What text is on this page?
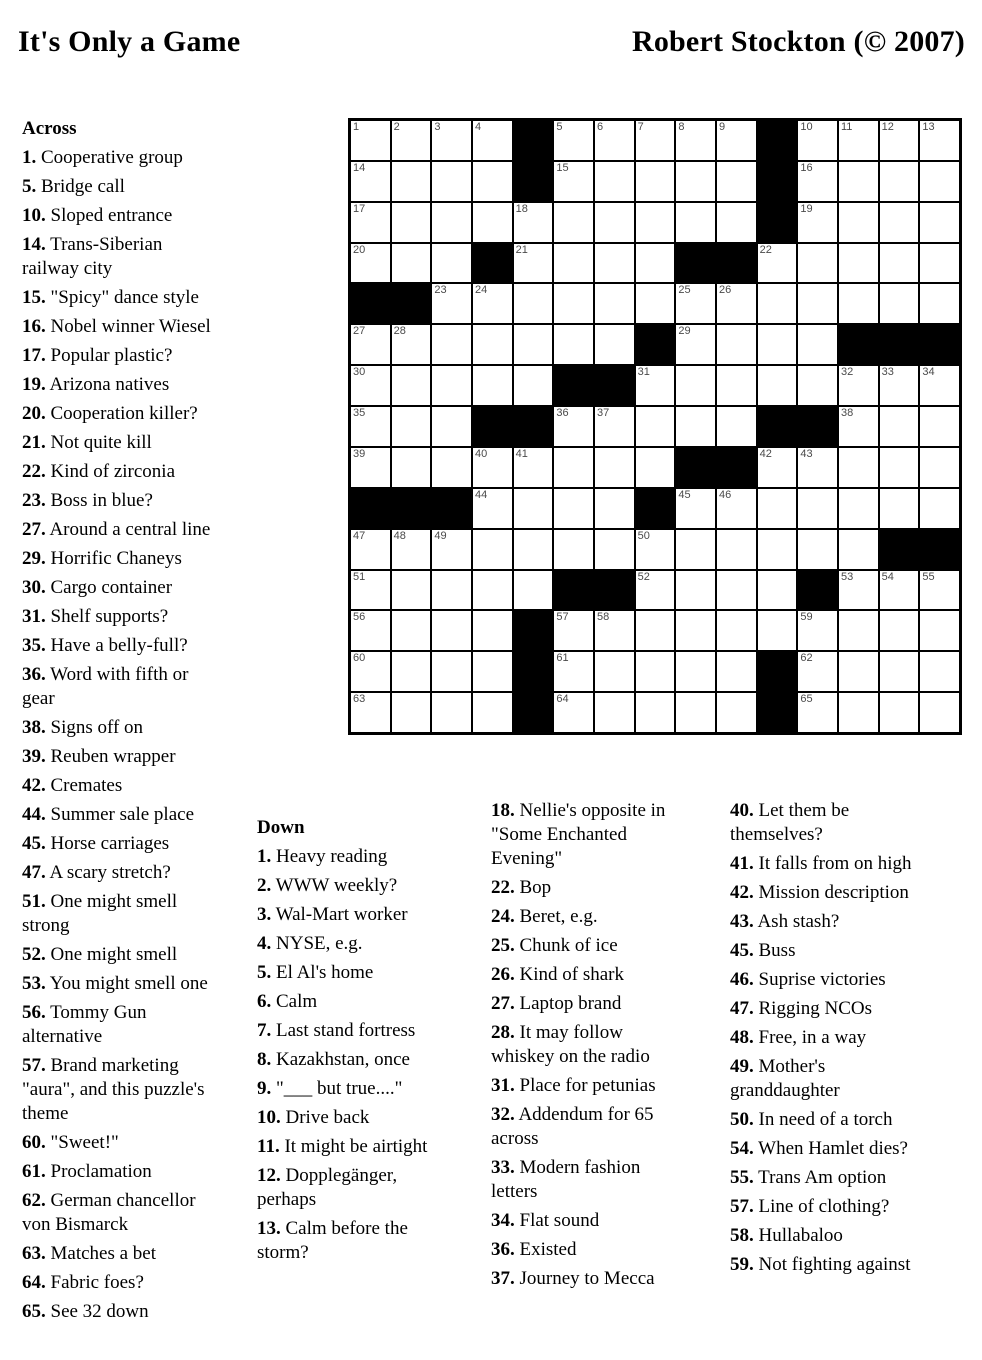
It's Only a Game	Robert Stockton (© 2007)
1	2	3	4	5	6	7	8	9	10	11	12	13
14	15	16
17	18	19
20	21	22
23	24	25	26
27	28	29
30	31	32	33	34
35	36	37	38
39	40	41	42	43
44	45	46
47	48	49	50
51	52	53	54	55
56	57	58	59
60	61	62
63	64	65
Across
1. Cooperative group
5. Bridge call
10. Sloped entrance
14. Trans-Siberian railway city
15. "Spicy" dance style
16. Nobel winner Wiesel
17. Popular plastic?
19. Arizona natives
20. Cooperation killer?
21. Not quite kill
22. Kind of zirconia
23. Boss in blue?
27. Around a central line
29. Horrific Chaneys
30. Cargo container
31. Shelf supports?
35. Have a belly-full?
36. Word with fifth or gear
38. Signs off on
39. Reuben wrapper
42. Cremates
44. Summer sale place
45. Horse carriages
47. A scary stretch?
51. One might smell strong
52. One might smell
53. You might smell one
56. Tommy Gun alternative
57. Brand marketing "aura", and this puzzle's theme
60. "Sweet!"
61. Proclamation
62. German chancellor von Bismarck
63. Matches a bet
64. Fabric foes?
65. See 32 down
Down
1. Heavy reading
2. WWW weekly?
3. Wal-Mart worker
4. NYSE, e.g.
5. El Al's home
6. Calm
7. Last stand fortress
8. Kazakhstan, once
9. "___ but true...."
10. Drive back
11. It might be airtight
12. Dopplegänger, perhaps
13. Calm before the storm?
18. Nellie's opposite in "Some Enchanted Evening"
22. Bop
24. Beret, e.g.
25. Chunk of ice
26. Kind of shark
27. Laptop brand
28. It may follow whiskey on the radio
31. Place for petunias
32. Addendum for 65 across
33. Modern fashion letters
34. Flat sound
36. Existed
37. Journey to Mecca
40. Let them be themselves?
41. It falls from on high
42. Mission description
43. Ash stash?
45. Buss
46. Suprise victories
47. Rigging NCOs
48. Free, in a way
49. Mother's granddaughter
50. In need of a torch
54. When Hamlet dies?
55. Trans Am option
57. Line of clothing?
58. Hullabaloo
59. Not fighting against
